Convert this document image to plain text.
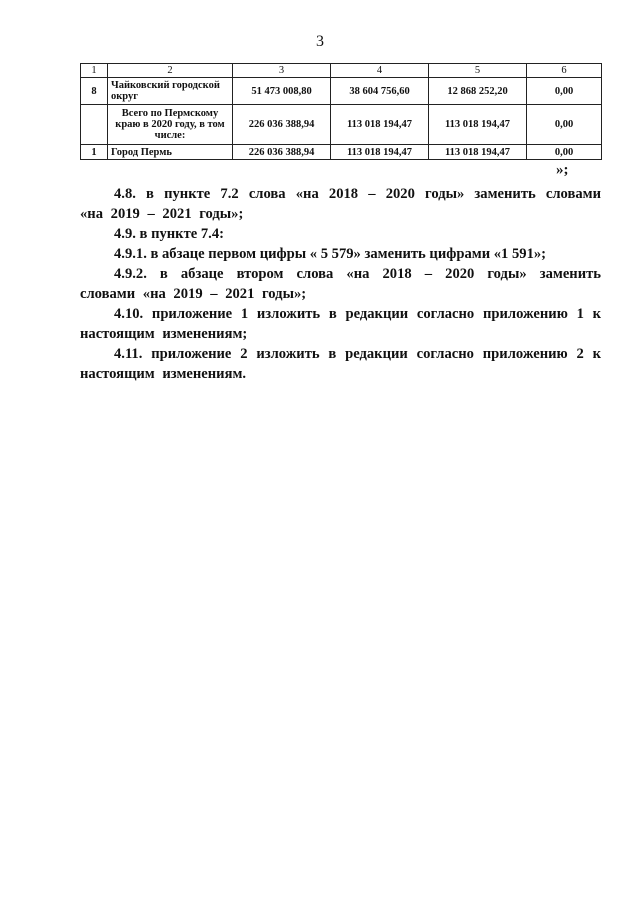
3
1	2	3	4	5	6
8	Чайковский городской округ	51 473 008,80	38 604 756,60	12 868 252,20	0,00
	Всего по Пермскому краю в 2020 году, в том числе:	226 036 388,94	113 018 194,47	113 018 194,47	0,00
1	Город Пермь	226 036 388,94	113 018 194,47	113 018 194,47	0,00
»;

4.8. в пункте 7.2 слова «на 2018 – 2020 годы» заменить словами «на 2019 – 2021 годы»;

4.9. в пункте 7.4:

4.9.1. в абзаце первом цифры « 5 579» заменить цифрами «1 591»;

4.9.2. в абзаце втором слова «на 2018 – 2020 годы» заменить словами «на 2019 – 2021 годы»;

4.10. приложение 1 изложить в редакции согласно приложению 1 к настоящим изменениям;

4.11. приложение 2 изложить в редакции согласно приложению 2 к настоящим изменениям.
